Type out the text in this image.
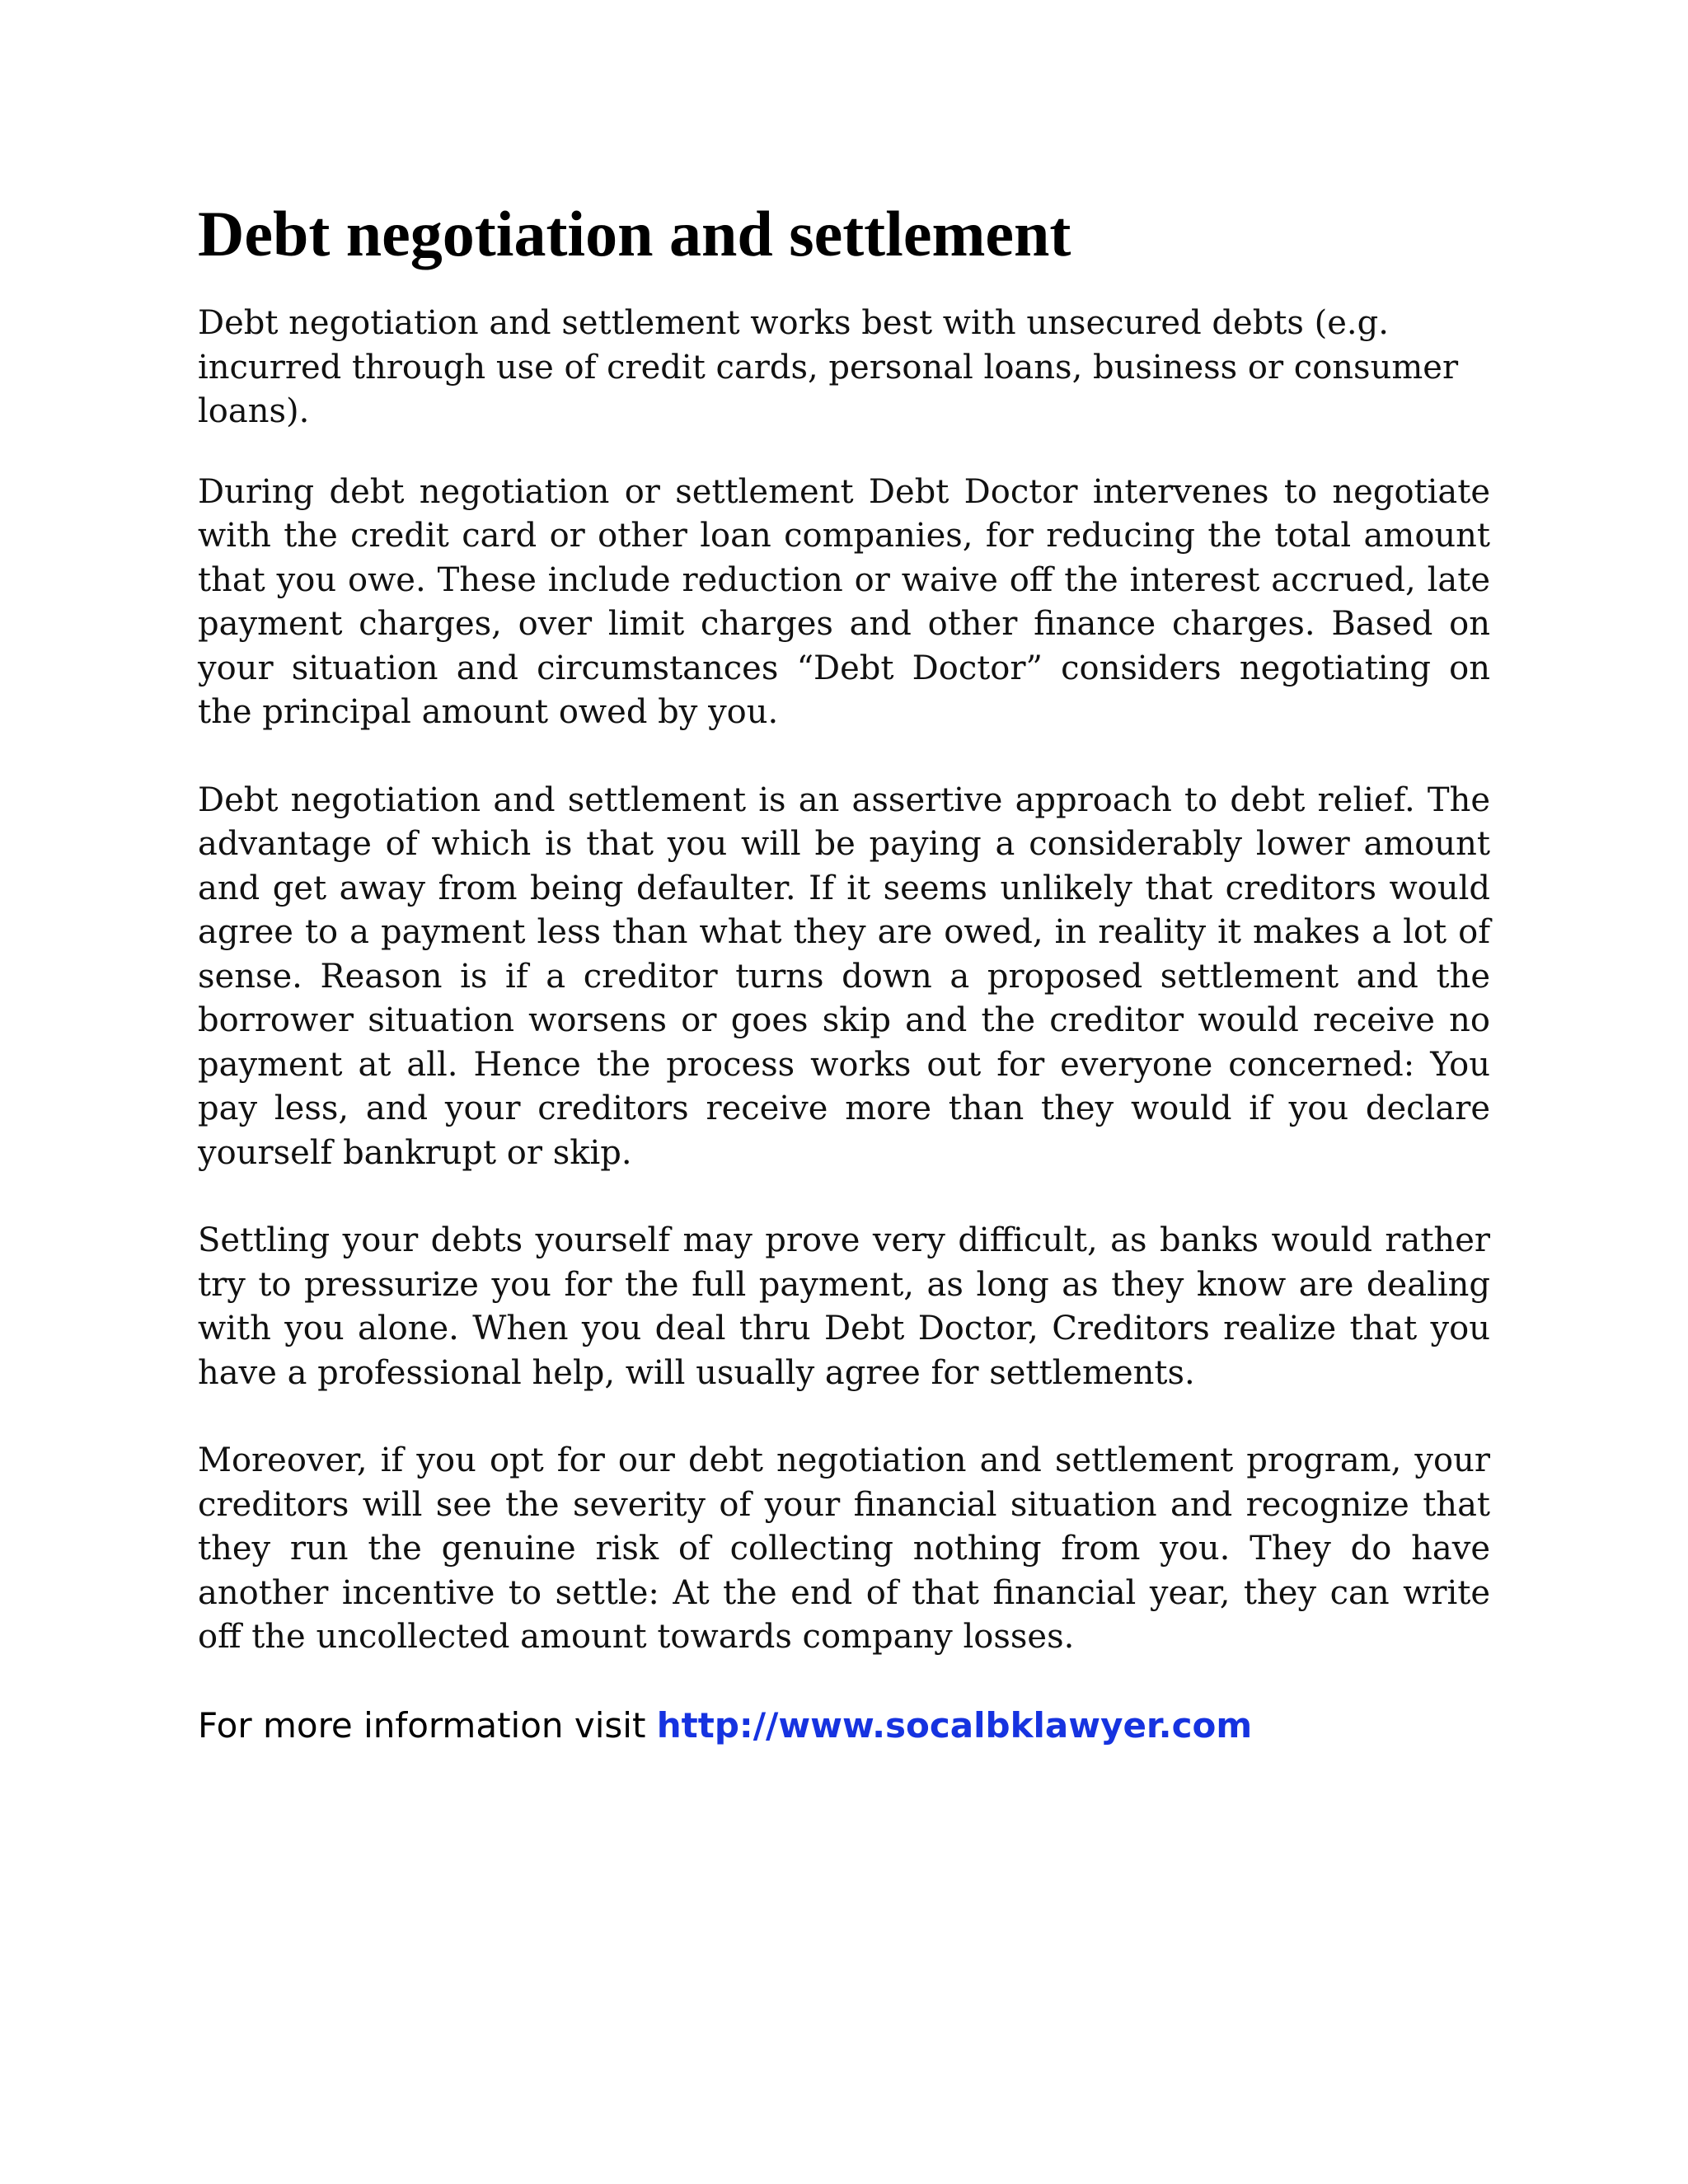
Debt negotiation and settlement

Debt negotiation and settlement works best with unsecured debts (e.g. incurred through use of credit cards, personal loans, business or consumer loans).

During debt negotiation or settlement Debt Doctor intervenes to negotiate with the credit card or other loan companies, for reducing the total amount that you owe. These include reduction or waive off the interest accrued, late payment charges, over limit charges and other finance charges. Based on your situation and circumstances “Debt Doctor” considers negotiating on the principal amount owed by you.

Debt negotiation and settlement is an assertive approach to debt relief. The advantage of which is that you will be paying a considerably lower amount and get away from being defaulter. If it seems unlikely that creditors would agree to a payment less than what they are owed, in reality it makes a lot of sense. Reason is if a creditor turns down a proposed settlement and the borrower situation worsens or goes skip and the creditor would receive no payment at all. Hence the process works out for everyone concerned: You pay less, and your creditors receive more than they would if you declare yourself bankrupt or skip.

Settling your debts yourself may prove very difficult, as banks would rather try to pressurize you for the full payment, as long as they know are dealing with you alone. When you deal thru Debt Doctor, Creditors realize that you have a professional help, will usually agree for settlements.

Moreover, if you opt for our debt negotiation and settlement program, your creditors will see the severity of your financial situation and recognize that they run the genuine risk of collecting nothing from you. They do have another incentive to settle: At the end of that financial year, they can write off the uncollected amount towards company losses.

For more information visit http://www.socalbklawyer.com
